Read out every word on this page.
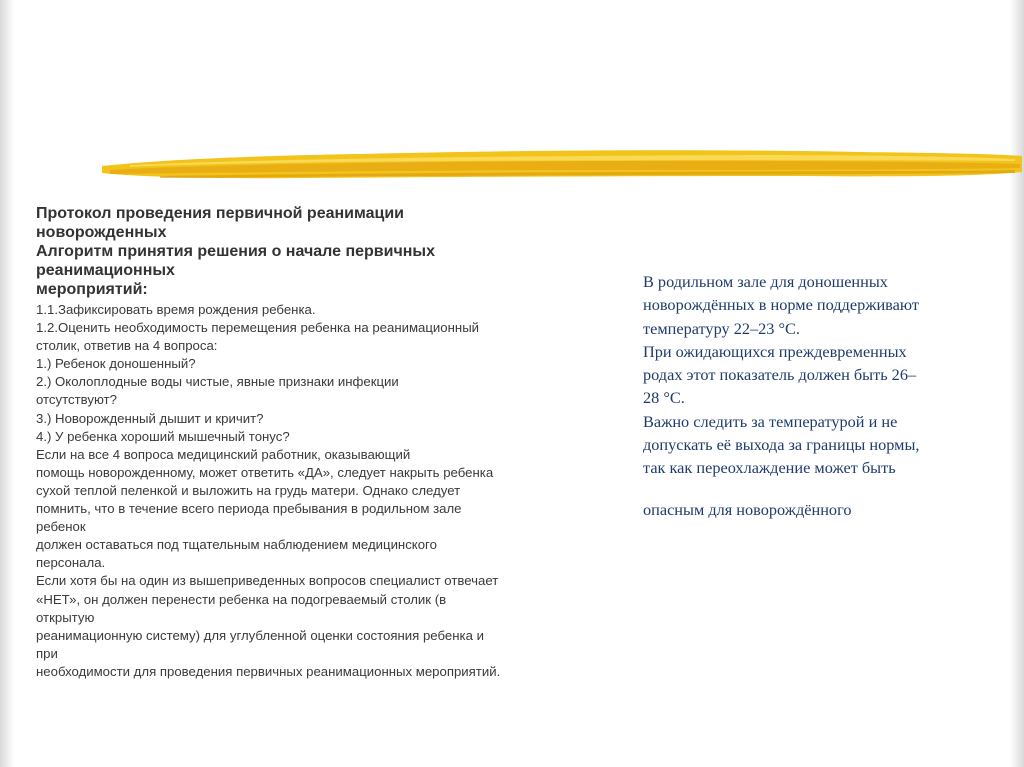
Протокол проведения первичной реанимации

новорожденных

Алгоритм принятия решения о начале первичных

реанимационных

мероприятий:

1.1.Зафиксировать время рождения ребенка.
1.2.Оценить необходимость перемещения ребенка на реанимационный
столик, ответив на 4 вопроса:
1.) Ребенок доношенный?
2.) Околоплодные воды чистые, явные признаки инфекции
отсутствуют?
3.) Новорожденный дышит и кричит?
4.) У ребенка хороший мышечный тонус?
Если на все 4 вопроса медицинский работник, оказывающий
помощь новорожденному, может ответить «ДА», следует накрыть ребенка
сухой теплой пеленкой и выложить на грудь матери. Однако следует
помнить, что в течение всего периода пребывания в родильном зале
ребенок
должен оставаться под тщательным наблюдением медицинского
персонала.
Если хотя бы на один из вышеприведенных вопросов специалист отвечает
«НЕТ», он должен перенести ребенка на подогреваемый столик (в
открытую
реанимационную систему) для углубленной оценки состояния ребенка и
при
необходимости для проведения первичных реанимационных мероприятий.
В родильном зале для доношенных
новорождённых в норме поддерживают
температуру 22–23 °C.
При ожидающихся преждевременных
родах этот показатель должен быть 26–
28 °C.
Важно следить за температурой и не
допускать её выхода за границы нормы,
так как переохлаждение может быть
опасным для новорождённого
